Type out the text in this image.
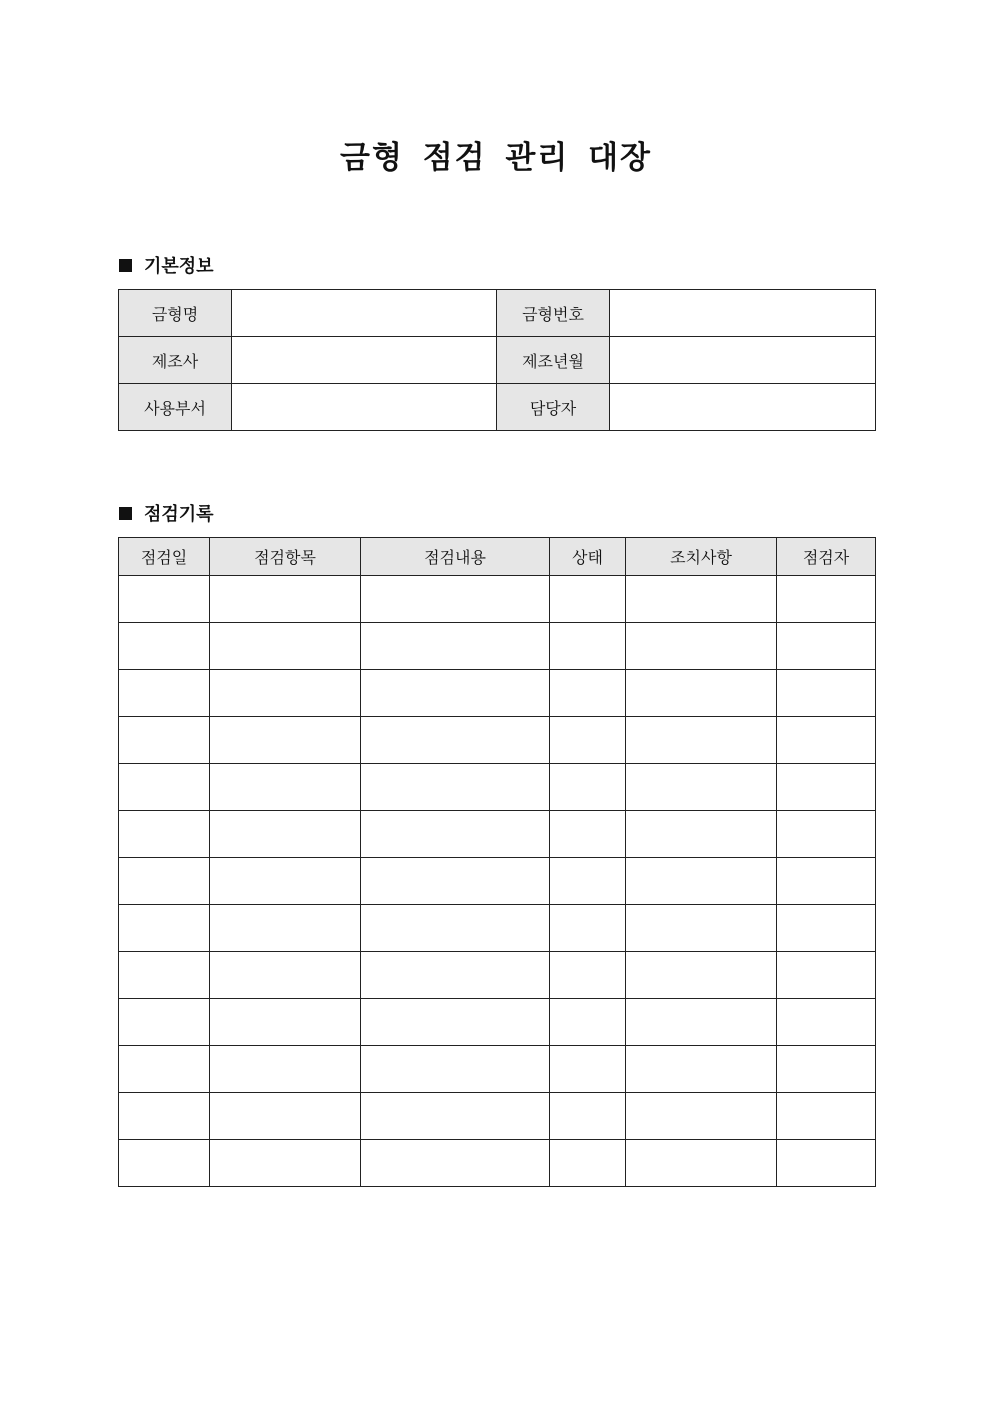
금형 점검 관리 대장
기본정보
금형명		금형번호	
제조사		제조년월	
사용부서		담당자	
점검기록
점검일	점검항목	점검내용	상태	조치사항	점검자
